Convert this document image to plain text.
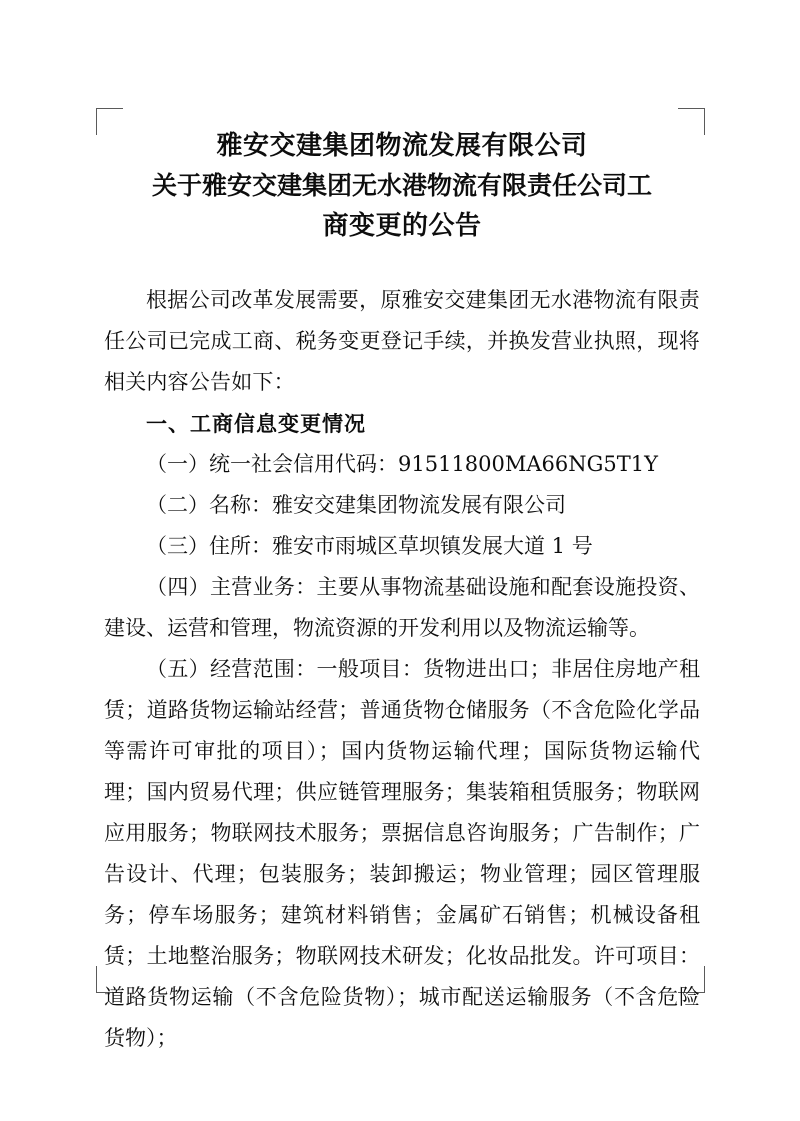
雅安交建集团物流发展有限公司
关于雅安交建集团无水港物流有限责任公司工
商变更的公告

根据公司改革发展需要，原雅安交建集团无水港物流有限责任公司已完成工商、税务变更登记手续，并换发营业执照，现将相关内容公告如下：

一、工商信息变更情况

（一）统一社会信用代码：91511800MA66NG5T1Y

（二）名称：雅安交建集团物流发展有限公司

（三）住所：雅安市雨城区草坝镇发展大道 1 号

（四）主营业务：主要从事物流基础设施和配套设施投资、建设、运营和管理，物流资源的开发利用以及物流运输等。

（五）经营范围：一般项目：货物进出口；非居住房地产租赁；道路货物运输站经营；普通货物仓储服务（不含危险化学品等需许可审批的项目）；国内货物运输代理；国际货物运输代理；国内贸易代理；供应链管理服务；集装箱租赁服务；物联网应用服务；物联网技术服务；票据信息咨询服务；广告制作；广告设计、代理；包装服务；装卸搬运；物业管理；园区管理服务；停车场服务；建筑材料销售；金属矿石销售；机械设备租赁；土地整治服务；物联网技术研发；化妆品批发。许可项目：道路货物运输（不含危险货物）；城市配送运输服务（不含危险货物）；
